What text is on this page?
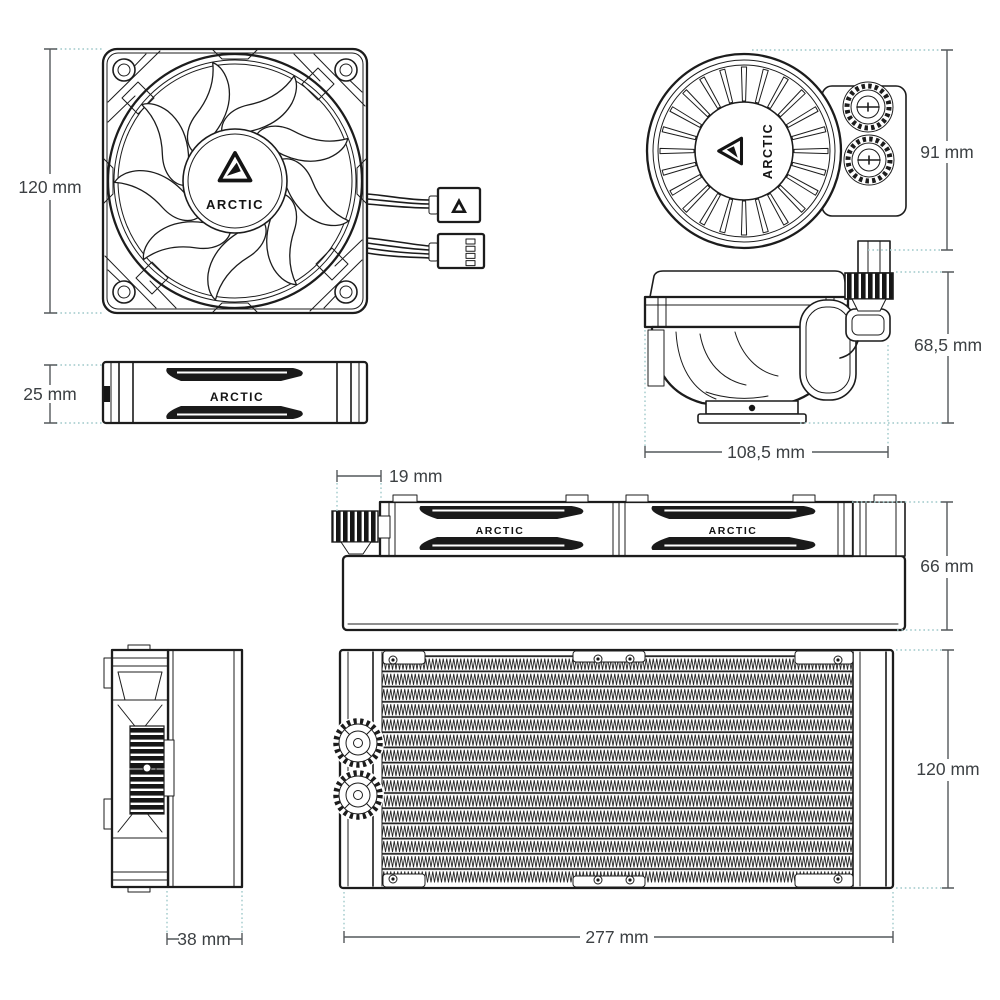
ARCTIC
ARCTIC
ARCTIC
ARCTIC	ARCTIC
120 mm
25 mm
91 mm
68,5 mm
108,5 mm
19 mm
66 mm
120 mm
38 mm	277 mm
